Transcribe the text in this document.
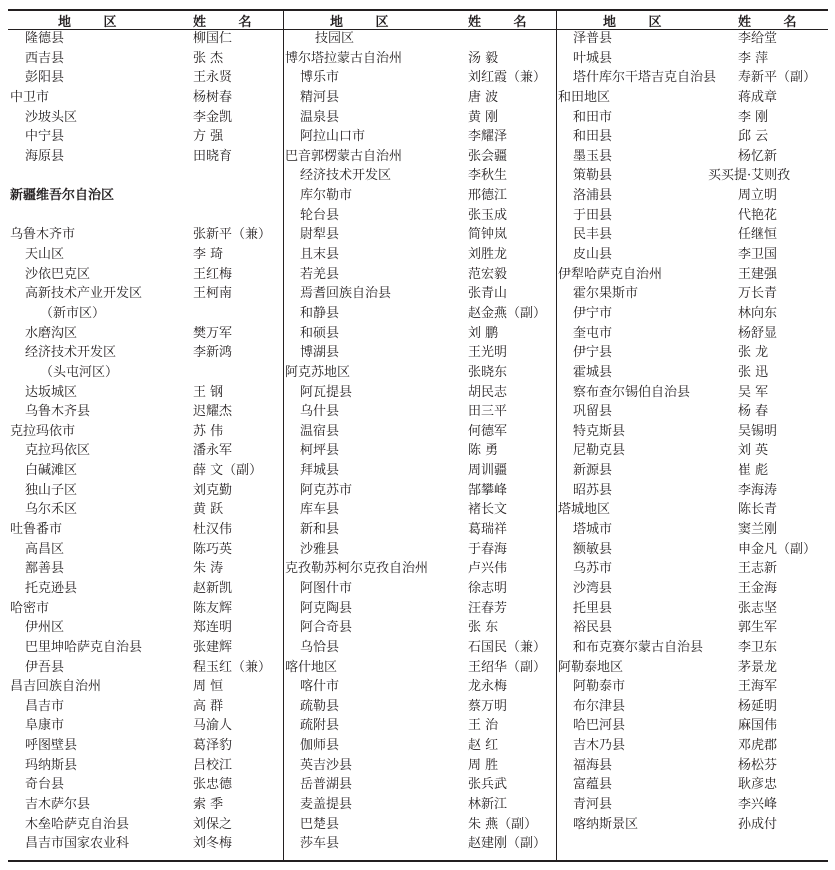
地 区	姓 名
隆德县	柳国仁
西吉县	张 杰
彭阳县	王永贤
中卫市	杨树春
沙坡头区	李金凯
中宁县	方 强
海原县	田晓育
新疆维吾尔自治区
乌鲁木齐市	张新平（兼）
天山区	李 琦
沙依巴克区	王红梅
高新技术产业开发区	王柯南
（新市区）
水磨沟区	樊万军
经济技术开发区	李新鸿
（头屯河区）
达坂城区	王 钢
乌鲁木齐县	迟耀杰
克拉玛依市	苏 伟
克拉玛依区	潘永军
白碱滩区	薛 文（副）
独山子区	刘克勤
乌尔禾区	黄 跃
吐鲁番市	杜汉伟
高昌区	陈巧英
鄯善县	朱 涛
托克逊县	赵新凯
哈密市	陈友辉
伊州区	郑连明
巴里坤哈萨克自治县	张建辉
伊吾县	程玉红（兼）
昌吉回族自治州	周 恒
昌吉市	高 群
阜康市	马渝人
呼图壁县	葛泽豹
玛纳斯县	吕校江
奇台县	张忠德
吉木萨尔县	索 季
木垒哈萨克自治县	刘保之
昌吉市国家农业科	刘冬梅
地 区	姓 名
技园区
博尔塔拉蒙古自治州	汤 毅
博乐市	刘红霞（兼）
精河县	唐 波
温泉县	黄 刚
阿拉山口市	李耀泽
巴音郭楞蒙古自治州	张会疆
经济技术开发区	李秋生
库尔勒市	邢德江
轮台县	张玉成
尉犁县	简钟岚
且末县	刘胜龙
若羌县	范宏毅
焉耆回族自治县	张青山
和静县	赵金燕（副）
和硕县	刘 鹏
博湖县	王光明
阿克苏地区	张晓东
阿瓦提县	胡民志
乌什县	田三平
温宿县	何德军
柯坪县	陈 勇
拜城县	周训疆
阿克苏市	郜攀峰
库车县	褚长文
新和县	葛瑞祥
沙雅县	于春海
克孜勒苏柯尔克孜自治州	卢兴伟
阿图什市	徐志明
阿克陶县	汪春芳
阿合奇县	张 东
乌恰县	石国民（兼）
喀什地区	王绍华（副）
喀什市	龙永梅
疏勒县	蔡万明
疏附县	王 治
伽师县	赵 红
英吉沙县	周 胜
岳普湖县	张兵武
麦盖提县	林新江
巴楚县	朱 燕（副）
莎车县	赵建刚（副）
地 区	姓 名
泽普县	李给堂
叶城县	李 萍
塔什库尔干塔吉克自治县 寿新平（副）
和田地区	蒋成章
和田市	李 刚
和田县	邱 云
墨玉县	杨忆新
策勒县	买买提·艾则孜
洛浦县	周立明
于田县	代艳花
民丰县	任继恒
皮山县	李卫国
伊犁哈萨克自治州	王建强
霍尔果斯市	万长青
伊宁市	林向东
奎屯市	杨舒显
伊宁县	张 龙
霍城县	张 迅
察布查尔锡伯自治县	吴 军
巩留县	杨 春
特克斯县	吴锡明
尼勒克县	刘 英
新源县	崔 彪
昭苏县	李海涛
塔城地区	陈长青
塔城市	窦兰刚
额敏县	申金凡（副）
乌苏市	王志新
沙湾县	王金海
托里县	张志坚
裕民县	郭生军
和布克赛尔蒙古自治县	李卫东
阿勒泰地区	茅景龙
阿勒泰市	王海军
布尔津县	杨延明
哈巴河县	麻国伟
吉木乃县	邓虎郡
福海县	杨松芬
富蕴县	耿彦忠
青河县	李兴峰
喀纳斯景区	孙成付
